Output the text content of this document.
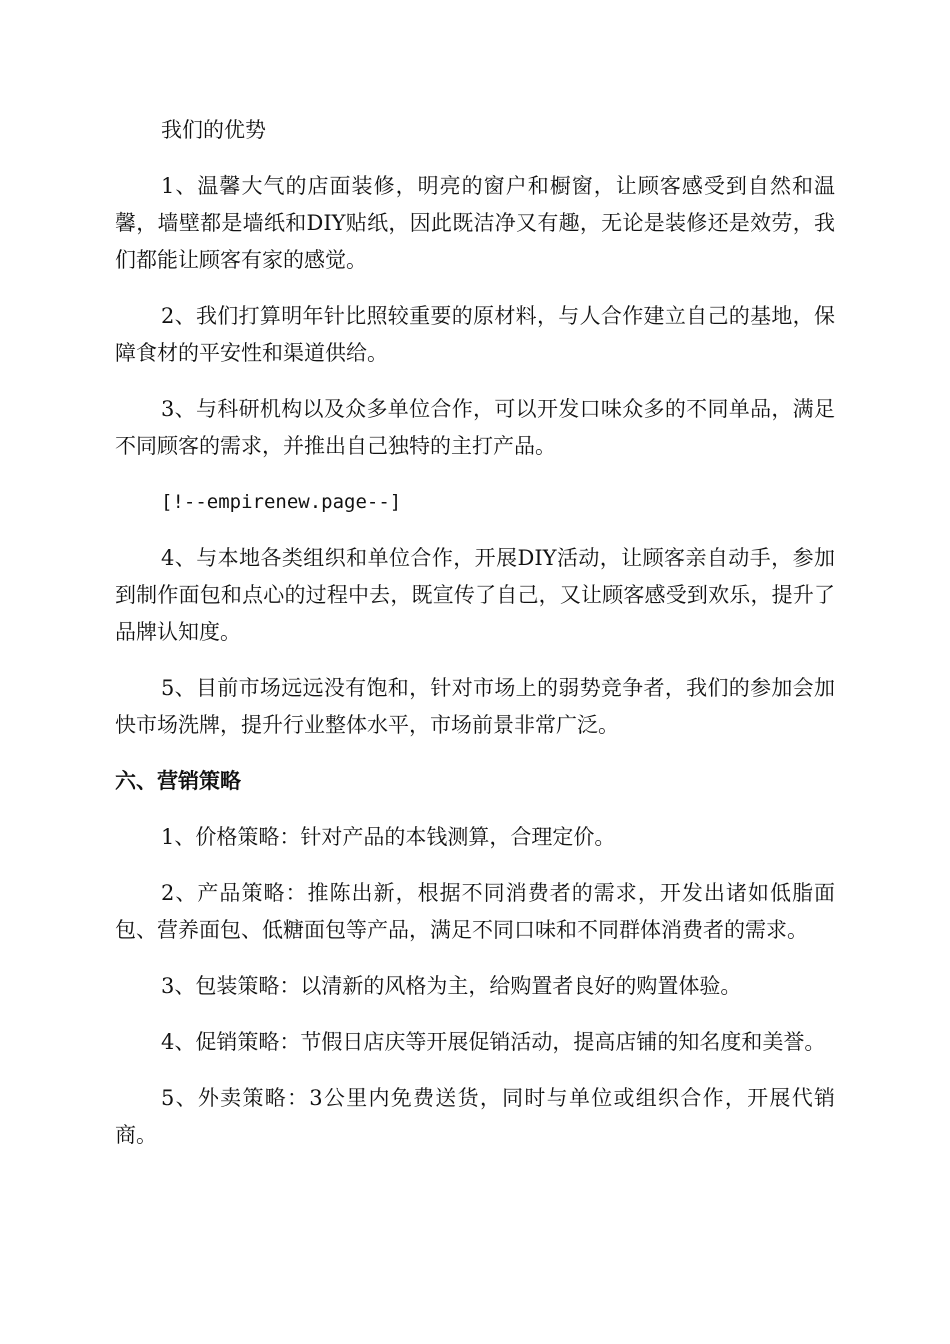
我们的优势

1、温馨大气的店面装修，明亮的窗户和橱窗，让顾客感受到自然和温馨，墙壁都是墙纸和DIY贴纸，因此既洁净又有趣，无论是装修还是效劳，我们都能让顾客有家的感觉。

2、我们打算明年针比照较重要的原材料，与人合作建立自己的基地，保障食材的平安性和渠道供给。

3、与科研机构以及众多单位合作，可以开发口味众多的不同单品，满足不同顾客的需求，并推出自己独特的主打产品。

[!--empirenew.page--]

4、与本地各类组织和单位合作，开展DIY活动，让顾客亲自动手，参加到制作面包和点心的过程中去，既宣传了自己，又让顾客感受到欢乐，提升了品牌认知度。

5、目前市场远远没有饱和，针对市场上的弱势竞争者，我们的参加会加快市场洗牌，提升行业整体水平，市场前景非常广泛。

六、营销策略

1、价格策略：针对产品的本钱测算，合理定价。

2、产品策略：推陈出新，根据不同消费者的需求，开发出诸如低脂面包、营养面包、低糖面包等产品，满足不同口味和不同群体消费者的需求。

3、包装策略：以清新的风格为主，给购置者良好的购置体验。

4、促销策略：节假日店庆等开展促销活动，提高店铺的知名度和美誉。

5、外卖策略：3公里内免费送货，同时与单位或组织合作，开展代销商。
